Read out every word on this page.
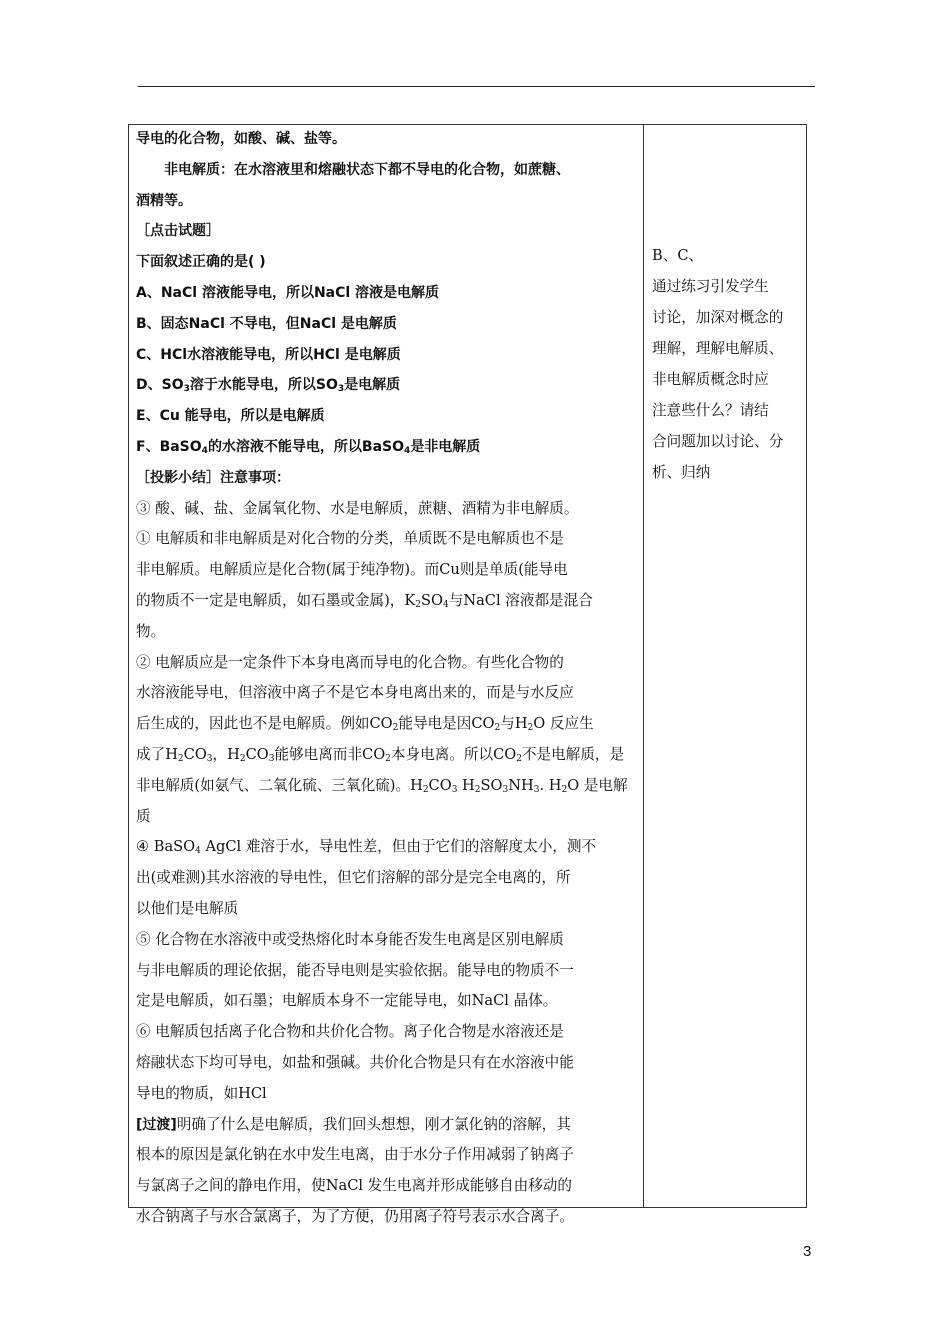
导电的化合物，如酸、碱、盐等。
非电解质：在水溶液里和熔融状态下都不导电的化合物，如蔗糖、
酒精等。
［点击试题］
下面叙述正确的是( )
A、NaCl 溶液能导电，所以NaCl 溶液是电解质
B、固态NaCl 不导电，但NaCl 是电解质
C、HCl水溶液能导电，所以HCl 是电解质
D、$SO_3$溶于水能导电，所以$SO_3$是电解质
E、Cu 能导电，所以是电解质
F、BaSO$_4$的水溶液不能导电，所以BaSO$_4$是非电解质
［投影小结］注意事项：
③ 酸、碱、盐、金属氧化物、水是电解质，蔗糖、酒精为非电解质。
① 电解质和非电解质是对化合物的分类，单质既不是电解质也不是
非电解质。电解质应是化合物(属于纯净物)。而Cu则是单质(能导电
的物质不一定是电解质，如石墨或金属)，$K_2SO_4$与NaCl 溶液都是混合
物。
② 电解质应是一定条件下本身电离而导电的化合物。有些化合物的
水溶液能导电，但溶液中离子不是它本身电离出来的，而是与水反应
后生成的，因此也不是电解质。例如$CO_2$能导电是因$CO_2$与$H_2O$ 反应生
成了$H_2CO_3$，$H_2CO_3$能够电离而非$CO_2$本身电离。所以$CO_2$不是电解质，是
非电解质(如氨气、二氧化硫、三氧化硫)。$H_2CO_3$ $H_2SO_3NH_3$. $H_2O$ 是电解
质
④ BaSO$_4$ AgCl 难溶于水，导电性差，但由于它们的溶解度太小，测不
出(或难测)其水溶液的导电性，但它们溶解的部分是完全电离的，所
以他们是电解质
⑤ 化合物在水溶液中或受热熔化时本身能否发生电离是区别电解质
与非电解质的理论依据，能否导电则是实验依据。能导电的物质不一
定是电解质，如石墨；电解质本身不一定能导电，如NaCl 晶体。
⑥ 电解质包括离子化合物和共价化合物。离子化合物是水溶液还是
熔融状态下均可导电，如盐和强碱。共价化合物是只有在水溶液中能
导电的物质，如HCl
[过渡]明确了什么是电解质，我们回头想想，刚才氯化钠的溶解，其
根本的原因是氯化钠在水中发生电离，由于水分子作用减弱了钠离子
与氯离子之间的静电作用，使NaCl 发生电离并形成能够自由移动的
水合钠离子与水合氯离子，为了方便，仍用离子符号表示水合离子。
B、C、
通过练习引发学生
讨论，加深对概念的
理解，理解电解质、
非电解质概念时应
注意些什么？请结
合问题加以讨论、分
析、归纳
3
